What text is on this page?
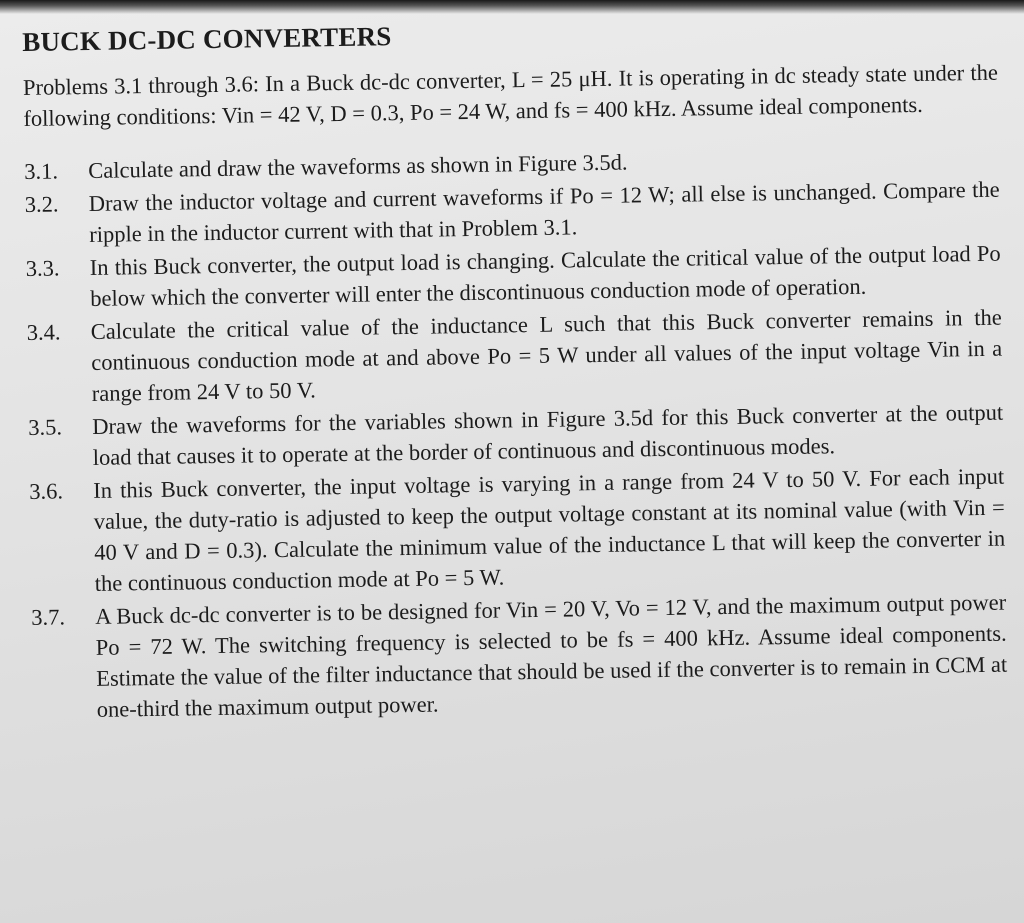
BUCK DC-DC CONVERTERS

Problems 3.1 through 3.6: In a Buck dc-dc converter, L = 25 μH. It is operating in dc steady state under the following conditions: Vin = 42 V, D = 0.3, Po = 24 W, and fs = 400 kHz. Assume ideal components.

3.1.	Calculate and draw the waveforms as shown in Figure 3.5d.
3.2.	Draw the inductor voltage and current waveforms if Po = 12 W; all else is unchanged. Compare the ripple in the inductor current with that in Problem 3.1.
3.3.	In this Buck converter, the output load is changing. Calculate the critical value of the output load Po below which the converter will enter the discontinuous conduction mode of operation.
3.4.	Calculate the critical value of the inductance L such that this Buck converter remains in the continuous conduction mode at and above Po = 5 W under all values of the input voltage Vin in a range from 24 V to 50 V.
3.5.	Draw the waveforms for the variables shown in Figure 3.5d for this Buck converter at the output load that causes it to operate at the border of continuous and discontinuous modes.
3.6.	In this Buck converter, the input voltage is varying in a range from 24 V to 50 V. For each input value, the duty-ratio is adjusted to keep the output voltage constant at its nominal value (with Vin = 40 V and D = 0.3). Calculate the minimum value of the inductance L that will keep the converter in the continuous conduction mode at Po = 5 W.
3.7.	A Buck dc-dc converter is to be designed for Vin = 20 V, Vo = 12 V, and the maximum output power Po = 72 W. The switching frequency is selected to be fs = 400 kHz. Assume ideal components. Estimate the value of the filter inductance that should be used if the converter is to remain in CCM at one-third the maximum output power.
